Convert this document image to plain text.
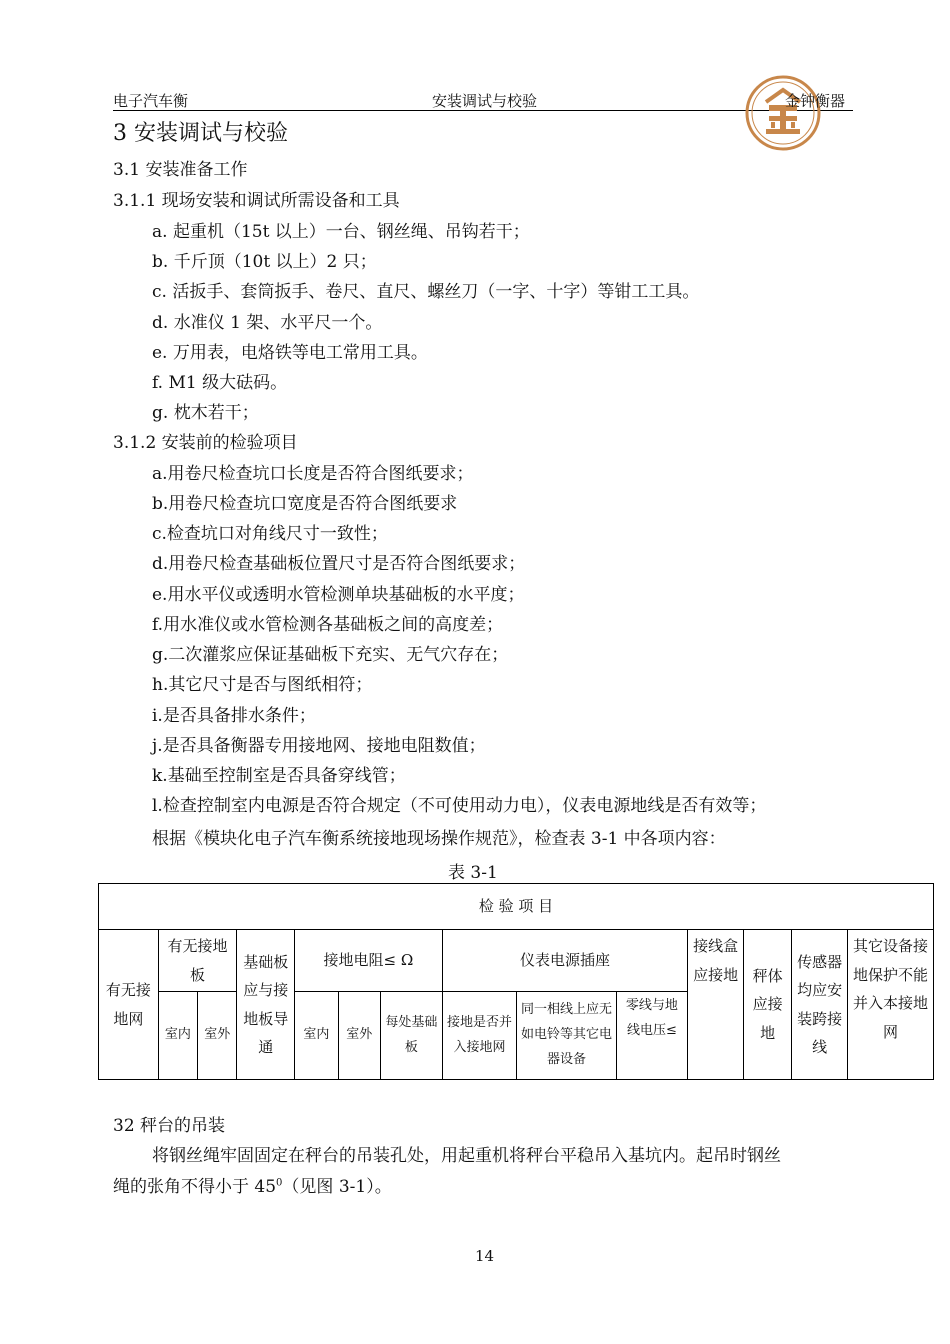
电子汽车衡	安装调试与校验	金钟衡器
3 安装调试与校验
3.1 安装准备工作
3.1.1 现场安装和调试所需设备和工具
a. 起重机（15t 以上）一台、钢丝绳、吊钩若干；
b. 千斤顶（10t 以上）2 只；
c. 活扳手、套筒扳手、卷尺、直尺、螺丝刀（一字、十字）等钳工工具。
d. 水准仪 1 架、水平尺一个。
e. 万用表，电烙铁等电工常用工具。
f. M1 级大砝码。
g. 枕木若干；
3.1.2 安装前的检验项目
a.用卷尺检查坑口长度是否符合图纸要求；
b.用卷尺检查坑口宽度是否符合图纸要求
c.检查坑口对角线尺寸一致性；
d.用卷尺检查基础板位置尺寸是否符合图纸要求；
e.用水平仪或透明水管检测单块基础板的水平度；
f.用水准仪或水管检测各基础板之间的高度差；
g.二次灌浆应保证基础板下充实、无气穴存在；
h.其它尺寸是否与图纸相符；
i.是否具备排水条件；
j.是否具备衡器专用接地网、接地电阻数值；
k.基础至控制室是否具备穿线管；
l.检查控制室内电源是否符合规定（不可使用动力电），仪表电源地线是否有效等；
根据《模块化电子汽车衡系统接地现场操作规范》，检查表 3-1 中各项内容：
表 3-1
检 验 项 目													
有无接地网	有无接地板		基础板应与接地板导通	接地电阻≤ Ω			仪表电源插座			接线盒应接地	秤体应接地	传感器均应安装跨接线	其它设备接地保护不能并入本接地网
	室内	室外		室内	室外	每处基础板	接地是否并入接地网	同一相线上应无如电铃等其它电器设备	零线与地线电压≤				
32 秤台的吊装
将钢丝绳牢固固定在秤台的吊装孔处，用起重机将秤台平稳吊入基坑内。起吊时钢丝
绳的张角不得小于 $45^0$（见图 3-1）。
14
